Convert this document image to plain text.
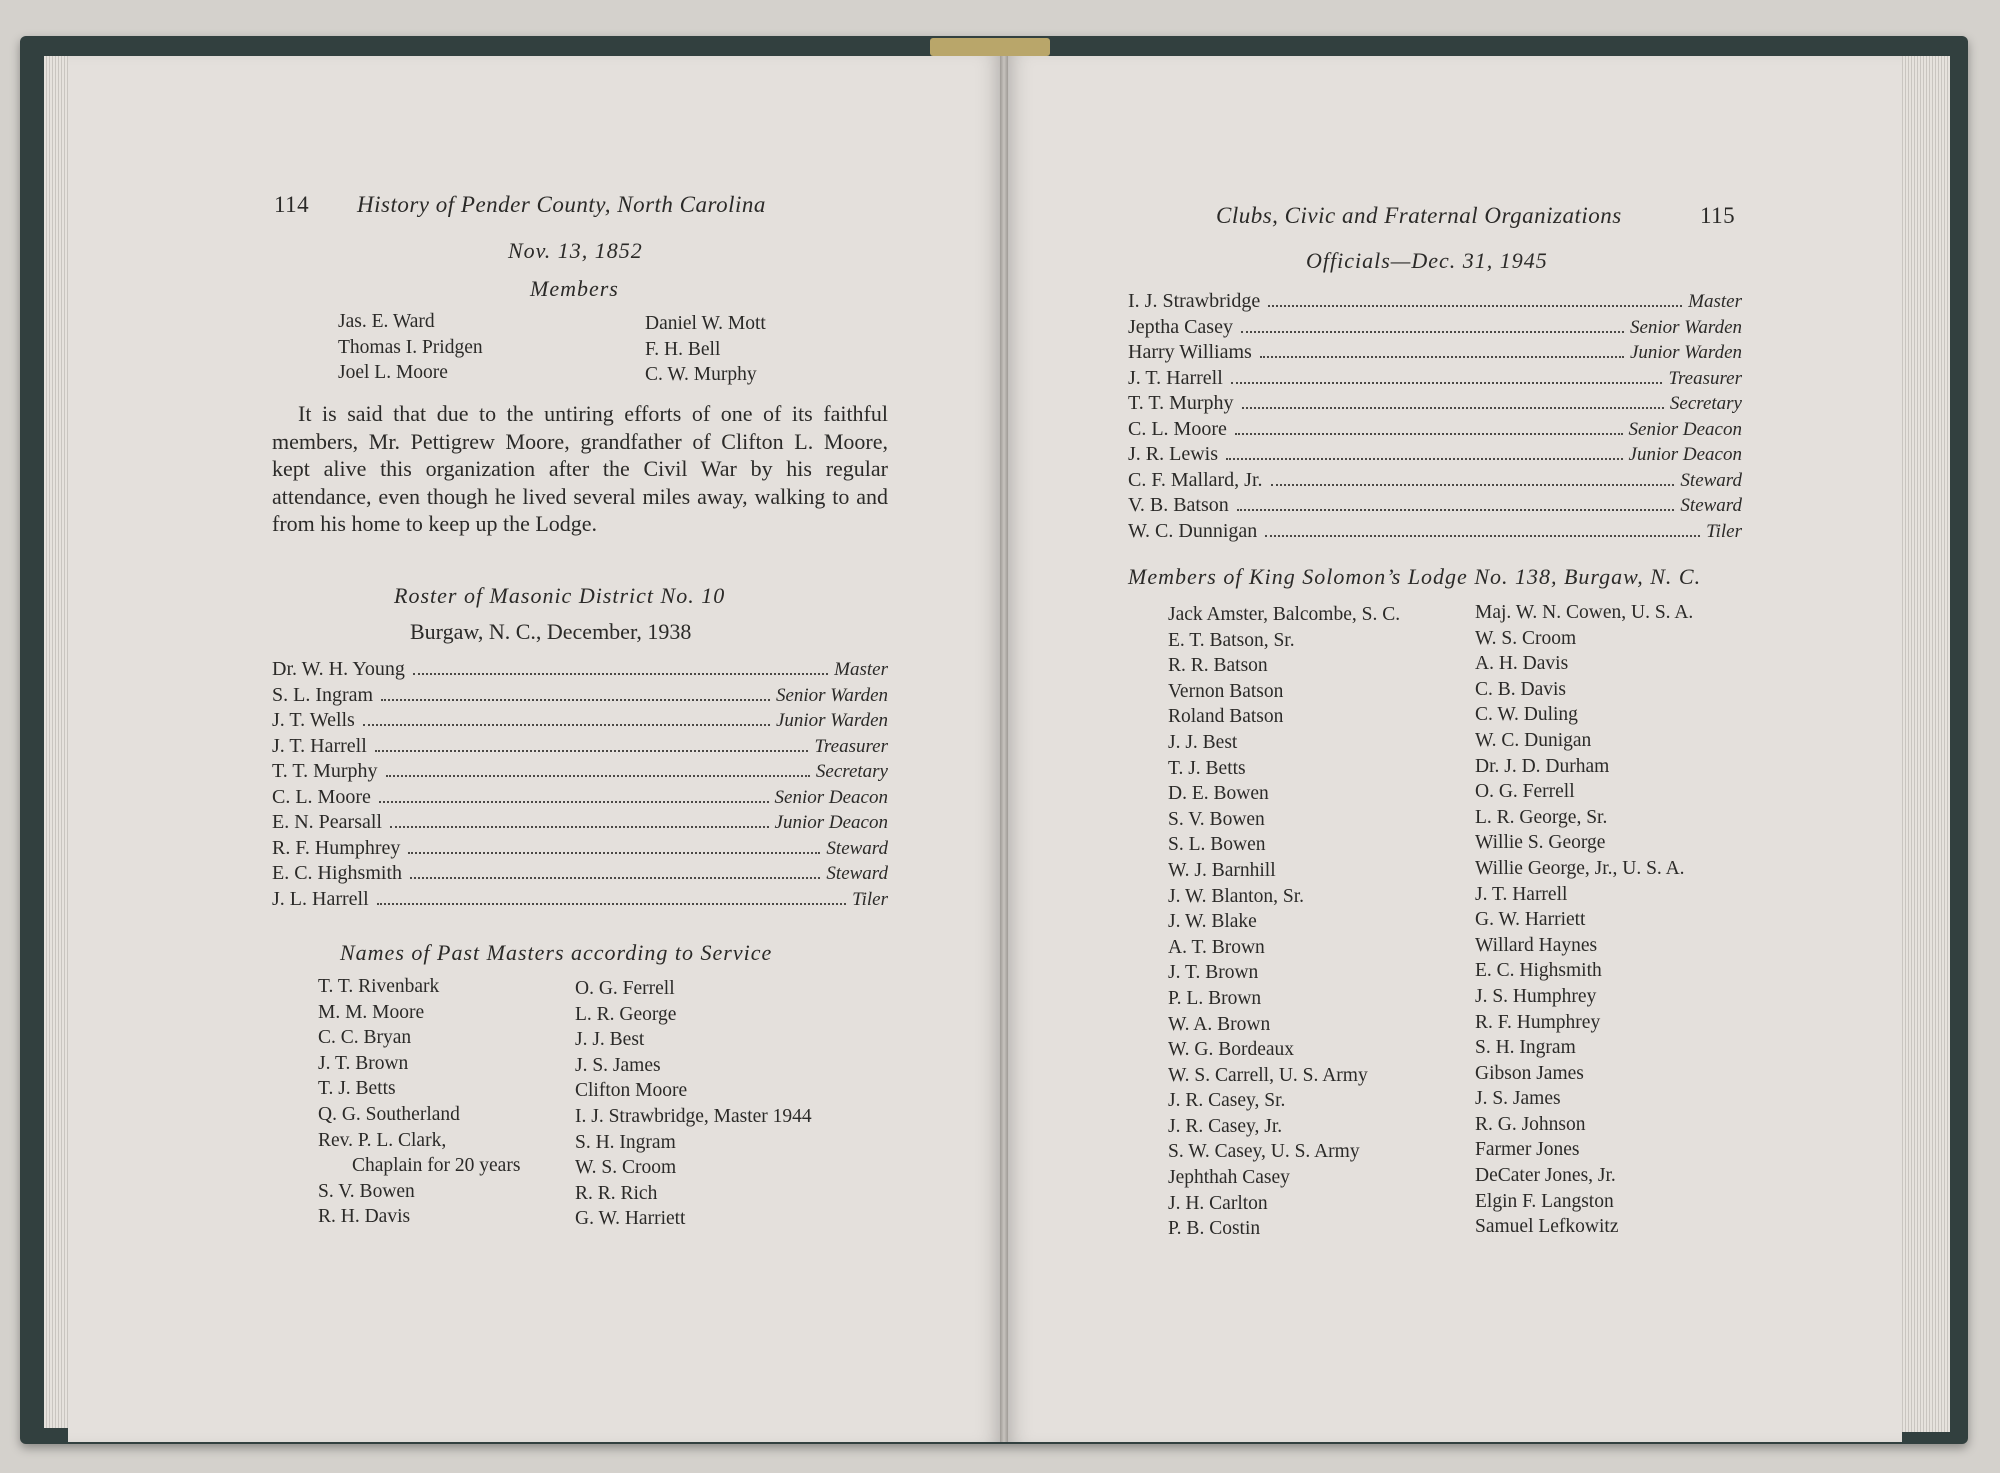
114 History of Pender County, North Carolina
Nov. 13, 1852
Members
Jas. E. Ward
Thomas I. Pridgen
Joel L. Moore
Daniel W. Mott
F. H. Bell
C. W. Murphy
It is said that due to the untiring efforts of one of its faithful members, Mr. Pettigrew Moore, grandfather of Clifton L. Moore, kept alive this organization after the Civil War by his regular attendance, even though he lived several miles away, walking to and from his home to keep up the Lodge.
Roster of Masonic District No. 10
Burgaw, N. C., December, 1938
Dr. W. H. Young	Master
S. L. Ingram	Senior Warden
J. T. Wells	Junior Warden
J. T. Harrell	Treasurer
T. T. Murphy	Secretary
C. L. Moore	Senior Deacon
E. N. Pearsall	Junior Deacon
R. F. Humphrey	Steward
E. C. Highsmith	Steward
J. L. Harrell	Tiler
Names of Past Masters according to Service
T. T. Rivenbark
M. M. Moore
C. C. Bryan
J. T. Brown
T. J. Betts
Q. G. Southerland
Rev. P. L. Clark,
Chaplain for 20 years
S. V. Bowen
R. H. Davis
O. G. Ferrell
L. R. George
J. J. Best
J. S. James
Clifton Moore
I. J. Strawbridge, Master 1944
S. H. Ingram
W. S. Croom
R. R. Rich
G. W. Harriett
Clubs, Civic and Fraternal Organizations	115
Officials—Dec. 31, 1945
I. J. Strawbridge	Master
Jeptha Casey	Senior Warden
Harry Williams	Junior Warden
J. T. Harrell	Treasurer
T. T. Murphy	Secretary
C. L. Moore	Senior Deacon
J. R. Lewis	Junior Deacon
C. F. Mallard, Jr.	Steward
V. B. Batson	Steward
W. C. Dunnigan	Tiler
Members of King Solomon’s Lodge No. 138, Burgaw, N. C.
Jack Amster, Balcombe, S. C.
E. T. Batson, Sr.
R. R. Batson
Vernon Batson
Roland Batson
J. J. Best
T. J. Betts
D. E. Bowen
S. V. Bowen
S. L. Bowen
W. J. Barnhill
J. W. Blanton, Sr.
J. W. Blake
A. T. Brown
J. T. Brown
P. L. Brown
W. A. Brown
W. G. Bordeaux
W. S. Carrell, U. S. Army
J. R. Casey, Sr.
J. R. Casey, Jr.
S. W. Casey, U. S. Army
Jephthah Casey
J. H. Carlton
P. B. Costin
Maj. W. N. Cowen, U. S. A.
W. S. Croom
A. H. Davis
C. B. Davis
C. W. Duling
W. C. Dunigan
Dr. J. D. Durham
O. G. Ferrell
L. R. George, Sr.
Willie S. George
Willie George, Jr., U. S. A.
J. T. Harrell
G. W. Harriett
Willard Haynes
E. C. Highsmith
J. S. Humphrey
R. F. Humphrey
S. H. Ingram
Gibson James
J. S. James
R. G. Johnson
Farmer Jones
DeCater Jones, Jr.
Elgin F. Langston
Samuel Lefkowitz
